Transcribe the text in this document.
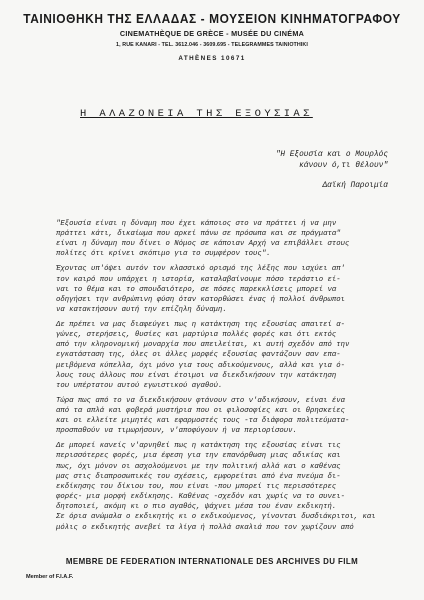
ΤΑΙΝΙΟΘΗΚΗ ΤΗΣ ΕΛΛΑΔΑΣ - ΜΟΥΣΕΙΟΝ ΚΙΝΗΜΑΤΟΓΡΑΦΟΥ
CINEMATHÈQUE DE GRÈCE - MUSÉE DU CINÉMA
1, RUE KANARI - TEL. 3612.046 - 3609.695 - TELEGRAMMES TAINIOTHIKI
ATHÈNES 10671
Η ΑΛΑΖΟΝΕΙΑ ΤΗΣ ΕΞΟΥΣΙΑΣ
"Η Εξουσία και ο Μουρλός
κάνουν ό,τι θέλουν"
Δαϊκή Παροιμία

"Εξουσία είναι η δύναμη που έχει κάποιος στο να πράττει ή να μην
πράττει κάτι, δικαίωμα που αρκεί πάνω σε πρόσωπα και σε πράγματα"
είναι η δύναμη που δίνει ο Νόμος σε κάποιαν Αρχή να επιβάλλει στους
πολίτες ότι κρίνει σκόπιμο για το συμφέρον τους".

Έχοντας υπ'όψει αυτόν τον κλασσικό ορισμό της λέξης που ισχύει απ'
τον καιρό που υπάρχει η ιστορία, καταλαβαίνουμε πόσο τεράστιο εί-
ναι το θέμα και το σπουδαιότερο, σε πόσες παρεκκλίσεις μπορεί να
οδηγήσει την ανθρώπινη φύση όταν κατορθώσει ένας ή πολλοί άνθρωποι
να κατακτήσουν αυτή την επίζηλη δύναμη.

Δε πρέπει να μας διαφεύγει πως η κατάκτηση της εξουσίας απαιτεί α-
γώνες, στερήσεις, θυσίες και μαρτύρια πολλές φορές και ότι εκτός
από την κληρονομική μοναρχία που απειλείται, κι αυτή σχεδόν από την
εγκατάσταση της, όλες οι άλλες μορφές εξουσίας φαντάζουν σαν επα-
μειβόμενα κύπελλα, όχι μόνο για τους αδικούμενους, αλλά και για ό-
λους τους άλλους που είναι έτοιμοι να διεκδικήσουν την κατάκτηση
του υπέρτατου αυτού εγωιστικού αγαθού.

Τώρα πως από το να διεκδικήσουν φτάνουν στο ν'αδικήσουν, είναι ένα
από τα απλά και φοβερά μυστήρια που οι φιλοσοφίες και οι θρησκείες
και οι ελλείτε μιμητές και εφαρμοστές τους -τα διάφορα πολιτεύματα-
προσπαθούν να τιμωρήσουν, ν'αποφύγουν ή να περιορίσουν.

Δε μπορεί κανείς ν'αρνηθεί πως η κατάκτηση της εξουσίας είναι τις
περισσότερες φορές, μια έφεση για την επανόρθωση μιας αδικίας και
πως, όχι μόνον οι ασχολούμενοι με την πολιτική αλλά και ο καθένας
μας στις διαπροσωπικές του σχέσεις, εμφορείται από ένα πνεύμα δι-
εκδίκησης του δίκιου του, που είναι -που μπορεί τις περισσότερες
φορές- μια μορφή εκδίκησης. Καθένας -σχεδόν και χωρίς να το συνει-
δητοποιεί, ακόμη κι ο πιο αγαθός, ψάχνει μέσα του έναν εκδικητή.
Σε όρια ανώμαλα ο εκδικητής κι ο εκδικούμενος, γίνονται δυσδιάκριτοι, και
μόλις ο εκδικητής ανεβεί τα λίγα ή πολλά σκαλιά που τον χωρίζουν από

MEMBRE DE FEDERATION INTERNATIONALE DES ARCHIVES DU FILM
Member of F.I.A.F.
